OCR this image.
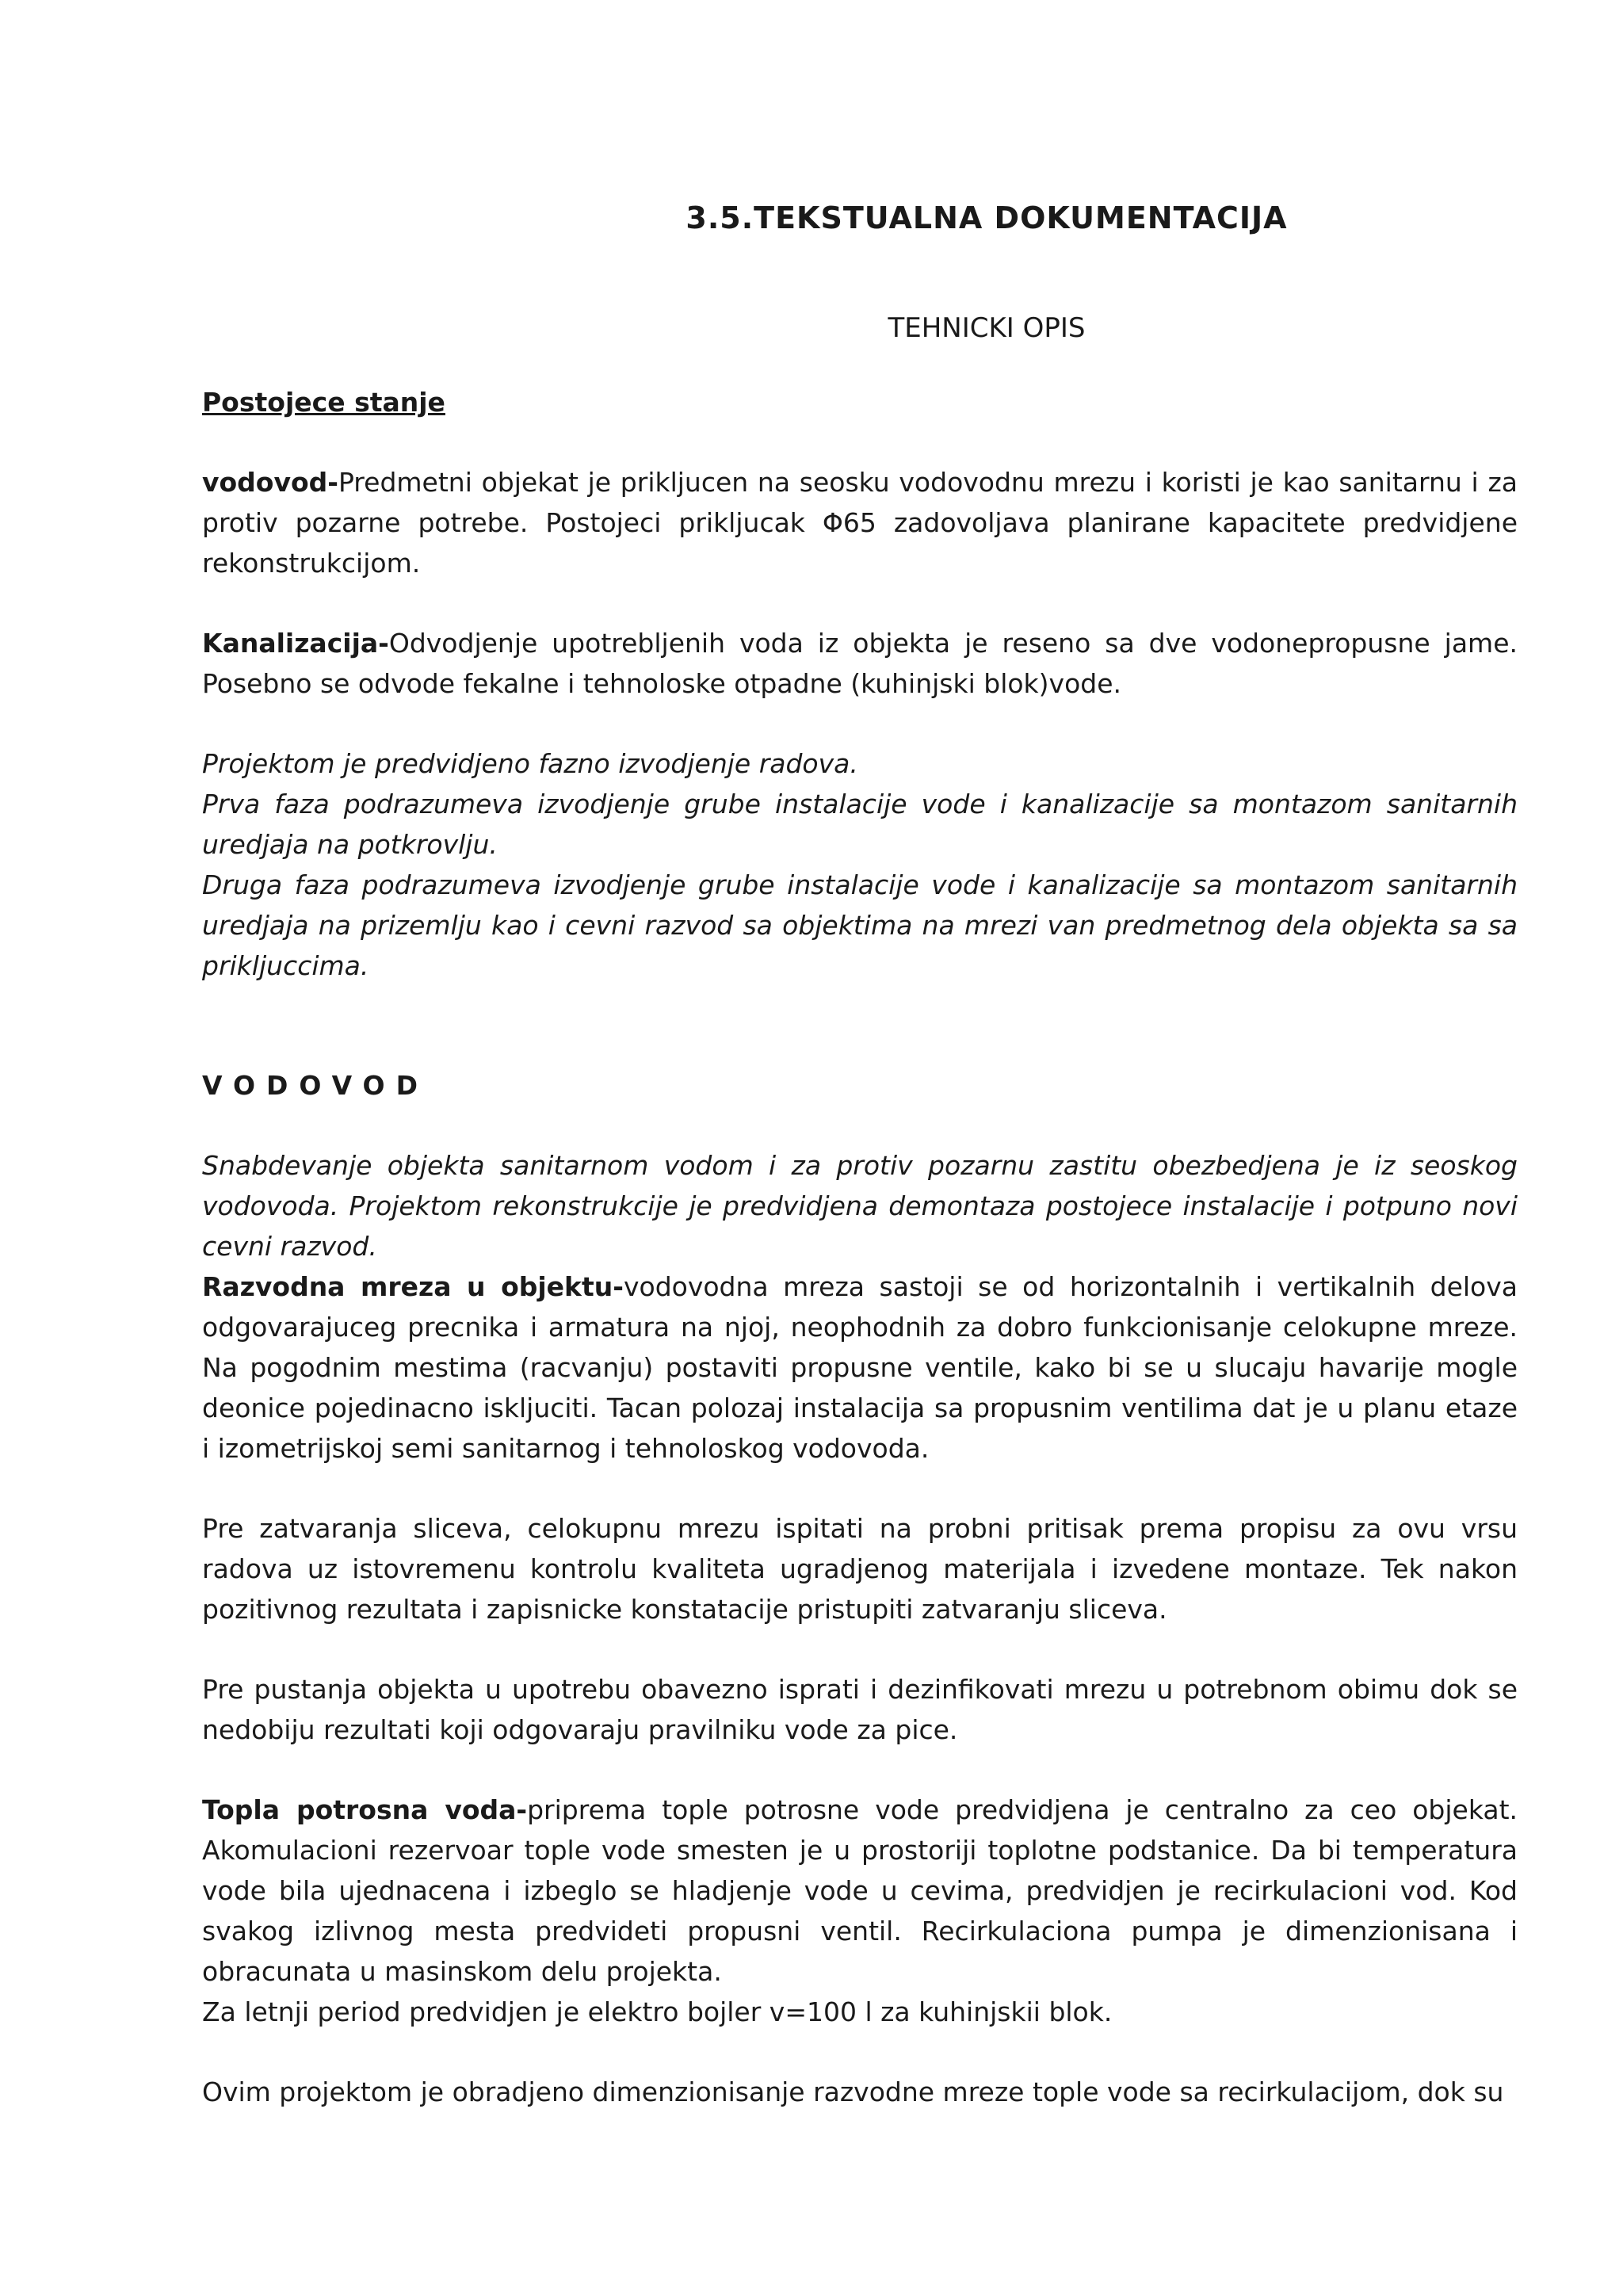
3.5.TEKSTUALNA DOKUMENTACIJA
TEHNICKI OPIS
Postojece stanje

vodovod-Predmetni objekat je prikljucen na seosku vodovodnu mrezu i koristi je kao sanitarnu i za protiv pozarne potrebe. Postojeci prikljucak Φ65 zadovoljava planirane kapacitete predvidjene rekonstrukcijom.

Kanalizacija-Odvodjenje upotrebljenih voda iz objekta je reseno sa dve vodonepropusne jame. Posebno se odvode fekalne i tehnoloske otpadne (kuhinjski blok)vode.

Projektom je predvidjeno fazno izvodjenje radova.

Prva faza podrazumeva izvodjenje grube instalacije vode i kanalizacije sa montazom sanitarnih uredjaja na potkrovlju.

Druga faza podrazumeva izvodjenje grube instalacije vode i kanalizacije sa montazom sanitarnih uredjaja na prizemlju kao i cevni razvod sa objektima na mrezi van predmetnog dela objekta sa sa prikljuccima.

VODOVOD

Snabdevanje objekta sanitarnom vodom i za protiv pozarnu zastitu obezbedjena je iz seoskog vodovoda. Projektom rekonstrukcije je predvidjena demontaza postojece instalacije i potpuno novi cevni razvod.

Razvodna mreza u objektu-vodovodna mreza sastoji se od horizontalnih i vertikalnih delova odgovarajuceg precnika i armatura na njoj, neophodnih za dobro funkcionisanje celokupne mreze. Na pogodnim mestima (racvanju) postaviti propusne ventile, kako bi se u slucaju havarije mogle deonice pojedinacno iskljuciti. Tacan polozaj instalacija sa propusnim ventilima dat je u planu etaze i izometrijskoj semi sanitarnog i tehnoloskog vodovoda.

Pre zatvaranja sliceva, celokupnu mrezu ispitati na probni pritisak prema propisu za ovu vrsu radova uz istovremenu kontrolu kvaliteta ugradjenog materijala i izvedene montaze. Tek nakon pozitivnog rezultata i zapisnicke konstatacije pristupiti zatvaranju sliceva.

Pre pustanja objekta u upotrebu obavezno isprati i dezinfikovati mrezu u potrebnom obimu dok se nedobiju rezultati koji odgovaraju pravilniku vode za pice.

Topla potrosna voda-priprema tople potrosne vode predvidjena je centralno za ceo objekat. Akomulacioni rezervoar tople vode smesten je u prostoriji toplotne podstanice. Da bi temperatura vode bila ujednacena i izbeglo se hladjenje vode u cevima, predvidjen je recirkulacioni vod. Kod svakog izlivnog mesta predvideti propusni ventil. Recirkulaciona pumpa je dimenzionisana i obracunata u masinskom delu projekta.

Za letnji period predvidjen je elektro bojler v=100 l za kuhinjskii blok.

Ovim projektom je obradjeno dimenzionisanje razvodne mreze tople vode sa recirkulacijom, dok su
